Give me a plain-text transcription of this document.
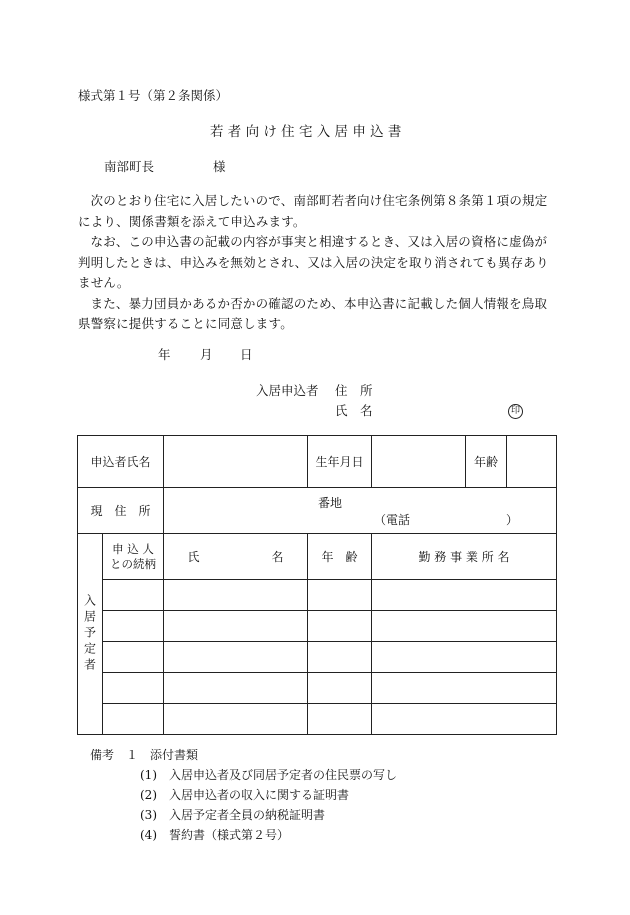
様式第１号（第２条関係）
若 者 向 け 住 宅 入 居 申 込 書
南部町長	様

次のとおり住宅に入居したいので、南部町若者向け住宅条例第８条第１項の規定により、関係書類を添えて申込みます。

なお、この申込書の記載の内容が事実と相違するとき、又は入居の資格に虚偽が判明したときは、申込みを無効とされ、又は入居の決定を取り消されても異存ありません。

また、暴力団員かあるか否かの確認のため、本申込書に記載した個人情報を鳥取県警察に提供することに同意します。

年 月 日
入居申込者 住　所
氏　名	印
申込者氏名			生年月日		年齢	
現　住　所		番地
（電話　　　　　　　　）				

入居予定者	申 込 人との続柄	氏　　　　　　名	年　齢	勤 務 事 業 所 名		

備考　１　添付書類
(1)　入居申込者及び同居予定者の住民票の写し
(2)　入居申込者の収入に関する証明書
(3)　入居予定者全員の納税証明書
(4)　誓約書（様式第２号）
